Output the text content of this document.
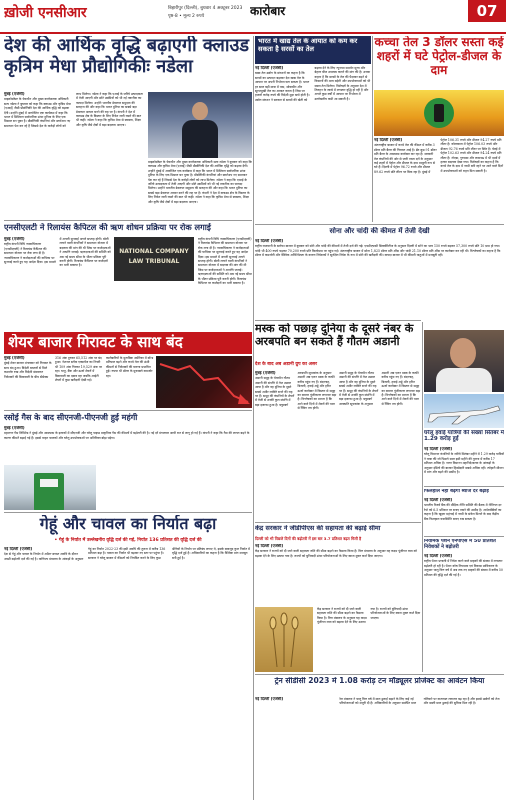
ख़ोजी एनसीआर	बिहारीपुर (दिल्ली), बुधवार 4 अक्टूबर 2023
पृष्ठ-8 • मूल्य 2 रुपये	कारोबार	07
देश की आर्थिक वृद्धि बढ़ाएगी क्लाउड कृत्रिम मेधा प्रौद्योगिकीः नडेला
मुंबई (एजेंसी)
माइक्रोसॉफ्ट के चेयरमैन और मुख्य कार्यपालक अधिकारी सत्य नडेला ने बुधवार को कहा कि क्लाउड और कृत्रिम मेधा (एआई) जैसी प्रौद्योगिकी देश की आर्थिक वृद्धि को बढ़ावा देंगी। उन्होंने मुंबई में आयोजित एक कार्यक्रम में कहा कि भारत में डिजिटल सार्वजनिक ढांचा दुनिया के लिए एक मिसाल बन चुका है। प्रौद्योगिकी कंपनियां और स्टार्टअप नए समाधान पेश कर रहे हैं जिससे देश के करोड़ों लोगों को लाभ मिलेगा। नडेला ने कहा कि एआई के जरिये उत्पादकता में तेजी आएगी और छोटे उद्यमियों को भी नई तकनीक का फायदा मिलेगा। उन्होंने भारतीय डेवलपर समुदाय की सराहना की और कहा कि भारत दुनिया का सबसे बड़ा डेवलपर आधार बनने की राह पर है। कंपनी ने देश में क्लाउड क्षेत्र के विस्तार के लिए निवेश जारी रखने की बात भी कही। नडेला ने कहा कि कृत्रिम मेधा से स्वास्थ्य, शिक्षा और कृषि जैसे क्षेत्रों में बड़ा बदलाव आएगा।
माइक्रोसॉफ्ट के चेयरमैन और मुख्य कार्यपालक अधिकारी सत्य नडेला ने बुधवार को कहा कि क्लाउड और कृत्रिम मेधा (एआई) जैसी प्रौद्योगिकी देश की आर्थिक वृद्धि को बढ़ावा देंगी। उन्होंने मुंबई में आयोजित एक कार्यक्रम में कहा कि भारत में डिजिटल सार्वजनिक ढांचा दुनिया के लिए एक मिसाल बन चुका है। प्रौद्योगिकी कंपनियां और स्टार्टअप नए समाधान पेश कर रहे हैं जिससे देश के करोड़ों लोगों को लाभ मिलेगा। नडेला ने कहा कि एआई के जरिये उत्पादकता में तेजी आएगी और छोटे उद्यमियों को भी नई तकनीक का फायदा मिलेगा। उन्होंने भारतीय डेवलपर समुदाय की सराहना की और कहा कि भारत दुनिया का सबसे बड़ा डेवलपर आधार बनने की राह पर है। कंपनी ने देश में क्लाउड क्षेत्र के विस्तार के लिए निवेश जारी रखने की बात भी कही। नडेला ने कहा कि कृत्रिम मेधा से स्वास्थ्य, शिक्षा और कृषि जैसे क्षेत्रों में बड़ा बदलाव आएगा।
एनसीएलटी ने रिलायंस कैपिटल की ऋण शोधन प्रक्रिया पर रोक लगाई
मुंबई (एजेंसी)
राष्ट्रीय कंपनी विधि न्यायाधिकरण (एनसीएलटी) ने रिलायंस कैपिटल की समाधान योजना पर रोक लगा दी है। न्यायाधिकरण ने कर्जदाताओं की याचिका पर सुनवाई करते हुए यह आदेश दिया। इस मामले में अगली सुनवाई अगले सप्ताह होगी। बोली लगाने वाली कंपनियों ने समाधान योजना में बदलाव की मांग की थी जिस पर कर्जदाताओं ने आपत्ति जताई। ऋणदाताओं की समिति को अब नई समय सीमा के भीतर प्रक्रिया पूरी करनी होगी। रिलायंस कैपिटल पर कर्जदारों का भारी बकाया है।
NATIONAL COMPANY LAW TRIBUNAL
राष्ट्रीय कंपनी विधि न्यायाधिकरण (एनसीएलटी) ने रिलायंस कैपिटल की समाधान योजना पर रोक लगा दी है। न्यायाधिकरण ने कर्जदाताओं की याचिका पर सुनवाई करते हुए यह आदेश दिया। इस मामले में अगली सुनवाई अगले सप्ताह होगी। बोली लगाने वाली कंपनियों ने समाधान योजना में बदलाव की मांग की थी जिस पर कर्जदाताओं ने आपत्ति जताई। ऋणदाताओं की समिति को अब नई समय सीमा के भीतर प्रक्रिया पूरी करनी होगी। रिलायंस कैपिटल पर कर्जदारों का भारी बकाया है।
शेयर बाजार गिरावट के साथ बंद
मुंबई (एजेंसी)
मुंबई शेयर बाजार मंगलवार को गिरावट के साथ बंद हुआ। विदेशी बाजारों से मिले कमजोर रुख और विदेशी संस्थागत निवेशकों की बिकवाली के बीच सेंसेक्स 316 अंक टूटकर 65,512 अंक पर बंद हुआ। नेशनल स्टॉक एक्सचेंज का निफ्टी भी 109 अंक गिरकर 19,529 अंक पर रहा। धातु, बैंक और ऊर्जा शेयरों में बिकवाली का दबाव रहा जबकि आईटी शेयरों में कुछ खरीदारी देखी गई। कारोबारियों के मुताबिक अमेरिका में बॉन्ड प्रतिफल बढ़ने और कच्चे तेल की ऊंची कीमतों से निवेशकों की धारणा प्रभावित हुई। रुपया भी डॉलर के मुकाबले कमजोर रहा।
रसोई गैस के बाद सीएनजी-पीएनजी हुई महंगी
मुंबई (एजेंसी)
महानगर गैस लिमिटेड ने मुंबई और आसपास के इलाकों में सीएनजी और घरेलू पाइप्ड प्राकृतिक गैस की कीमतों में बढ़ोतरी की है। नई दरें मंगलवार आधी रात से लागू हो गई हैं। कंपनी ने कहा कि गैस की लागत बढ़ने के कारण कीमतें बढ़ाई गई हैं। इससे वाहन चालकों और घरेलू उपभोक्ताओं पर अतिरिक्त बोझ पड़ेगा।
गेहूं और चावल का निर्यात बढ़ा
• गेहूं के निर्यात में उल्लेखनीय वृद्धि दर्ज की गई, निर्यात 136 प्रतिशत की वृद्धि दर्ज की
नई दिल्ली (एजेंसी)
देश से गेहूं और चावल के निर्यात में अप्रैल-अगस्त अवधि के दौरान अच्छी बढ़ोतरी दर्ज की गई है। वाणिज्य मंत्रालय के आंकड़ों के अनुसार गेहूं का निर्यात 2022-23 की इसी अवधि की तुलना में करीब 136 प्रतिशत बढ़ा है। चावल का निर्यात भी बढ़कर नए स्तर पर पहुंचा है। सरकार ने घरेलू बाजार में कीमतों को नियंत्रित करने के लिए कुछ श्रेणियों के निर्यात पर प्रतिबंध लगाए थे, इसके बावजूद कुल निर्यात में वृद्धि दर्ज हुई है। अधिकारियों का कहना है कि वैश्विक मांग मजबूत बनी हुई है।
भारत में खाद्य तेल के आयात को कम कर सकता है सरसों का तेल
नई दिल्ली (एजेंसी)
खाद्य तेल उद्योग के संगठनों का कहना है कि सरसों का उत्पादन बढ़ाकर देश खाद्य तेल के आयात पर अपनी निर्भरता घटा सकता है। भारत हर साल बड़ी मात्रा में पाम, सोयाबीन और सूरजमुखी तेल का आयात करता है जिस पर हजारों करोड़ रुपये की विदेशी मुद्रा खर्च होती है। उद्योग संगठन ने सरकार से सरसों की खेती को बढ़ावा देने के लिए न्यूनतम समर्थन मूल्य और बेहतर बीज उपलब्ध कराने की मांग की है। उनका कहना है कि सरसों के तेल की पैदावार बढ़ने से किसानों की आय बढ़ेगी और उपभोक्ताओं को भी सस्ता तेल मिलेगा। विशेषज्ञों के अनुसार देश में तिलहन के रकबे में लगातार वृद्धि हो रही है और अगले कुछ वर्षों में आयात पर निर्भरता में उल्लेखनीय कमी आ सकती है।
कच्चा तेल 3 डॉलर सस्ता कई शहरों में घटे पेट्रोल-डीजल के दाम
नई दिल्ली (एजेंसी)
अंतरराष्ट्रीय बाजार में कच्चे तेल की कीमत में करीब 3 डॉलर प्रति बैरल की गिरावट आई है। ब्रेंट क्रूड 91 डॉलर प्रति बैरल के आसपास कारोबार कर रहा है। सरकारी तेल कंपनियों की ओर से जारी ताजा दरों के अनुसार कई शहरों में पेट्रोल और डीजल के दाम मामूली रूप से घटे हैं। दिल्ली में पेट्रोल 96.72 रुपये और डीजल 89.62 रुपये प्रति लीटर पर बिक रहा है। मुंबई में पेट्रोल 106.31 रुपये और डीजल 94.27 रुपये प्रति लीटर है। कोलकाता में पेट्रोल 106.03 रुपये और डीजल 92.76 रुपये प्रति लीटर पर स्थिर है। चेन्नई में पेट्रोल 102.63 रुपये और डीजल 94.24 रुपये प्रति लीटर है। नोएडा, गुरुग्राम और लखनऊ में भी दामों में हल्का बदलाव देखा गया। विशेषज्ञों का कहना है कि कच्चे तेल के दाम में नरमी बनी रहने पर आने वाले दिनों में उपभोक्ताओं को राहत मिल सकती है।
सोना और चांदी की कीमत में तेजी देखी
नई दिल्ली (एजेंसी)
राष्ट्रीय राजधानी के सर्राफा बाजार में बुधवार को सोने और चांदी की कीमतों में तेजी दर्ज की गई। एचडीएफसी सिक्योरिटीज के अनुसार दिल्ली में सोने का भाव 150 रुपये बढ़कर 57,300 रुपये प्रति 10 ग्राम हो गया। चांदी भी 400 रुपये चढ़कर 70,200 रुपये प्रति किलोग्राम पर पहुंच गई। अंतरराष्ट्रीय बाजार में सोना 1,825 डॉलर प्रति औंस और चांदी 21.10 डॉलर प्रति औंस पर कारोबार कर रही थी। विश्लेषकों का कहना है कि डॉलर में कमजोरी और वैश्विक अनिश्चितता के कारण निवेशकों ने सुरक्षित निवेश के रूप में सोने की खरीदारी की। वायदा बाजार में भी कीमती धातुओं में मजबूती रही।
मस्क को पछाड़ दुनिया के दूसरे नंबर के अरबपति बन सकते हैं गौतम अडानी
देश के बाद अब अडानी ग्रुप का असर
मुंबई (एजेंसी)
अडानी समूह के चेयरमैन गौतम अडानी की संपत्ति में तेज उछाल आया है और वह दुनिया के दूसरे सबसे अमीर व्यक्ति बनने की राह पर हैं। समूह की कंपनियों के शेयरों में तेजी से उनकी कुल संपत्ति में बड़ा इजाफा हुआ है। ब्लूमबर्ग अरबपति सूचकांक के अनुसार अडानी अब एलन मस्क के काफी करीब पहुंच गए हैं। बंदरगाह, बिजली, हवाई अड्डे और हरित ऊर्जा कारोबार में विस्तार से समूह का बाजार पूंजीकरण लगातार बढ़ा है। विश्लेषकों का मानना है कि आने वाले दिनों में शेयरों की चाल से रैंकिंग तय होगी।
अडानी समूह के चेयरमैन गौतम अडानी की संपत्ति में तेज उछाल आया है और वह दुनिया के दूसरे सबसे अमीर व्यक्ति बनने की राह पर हैं। समूह की कंपनियों के शेयरों में तेजी से उनकी कुल संपत्ति में बड़ा इजाफा हुआ है। ब्लूमबर्ग अरबपति सूचकांक के अनुसार अडानी अब एलन मस्क के काफी करीब पहुंच गए हैं। बंदरगाह, बिजली, हवाई अड्डे और हरित ऊर्जा कारोबार में विस्तार से समूह का बाजार पूंजीकरण लगातार बढ़ा है। विश्लेषकों का मानना है कि आने वाले दिनों में शेयरों की चाल से रैंकिंग तय होगी।
घरेलू हवाई यात्रियों की संख्या सितंबर में 1.29 करोड़ हुई
नई दिल्ली (एजेंसी)
घरेलू विमानन कंपनियों के जरिये सितंबर महीने में 1.29 करोड़ यात्रियों ने यात्रा की जो पिछले साल इसी महीने की तुलना में करीब 17 प्रतिशत अधिक है। नागर विमानन महानिदेशालय के आंकड़ों के अनुसार इंडिगो की बाजार हिस्सेदारी सबसे अधिक रही। त्योहारी सीजन में मांग और बढ़ने की उम्मीद है।
फिलहाल नहीं बढ़ेगा ब्याज दर बढ़ाई
नई दिल्ली (एजेंसी)
भारतीय रिजर्व बैंक की मौद्रिक नीति समिति की बैठक में नीतिगत दर रेपो को 6.5 प्रतिशत पर बनाए रखने की उम्मीद है। अर्थशास्त्रियों का कहना है कि खुदरा महंगाई में नरमी के संकेत मिलने के बाद केंद्रीय बैंक फिलहाल यथास्थिति बनाए रख सकता है।
नियामक पेंशन एनपीएस में 50 प्रतिशत निवेशकों ने बढ़ोतरी
नई दिल्ली (एजेंसी)
राष्ट्रीय पेंशन प्रणाली में निवेश करने वाले ग्राहकों की संख्या में लगातार बढ़ोतरी हो रही है। पेंशन कोष नियामक एवं विकास प्राधिकरण के अनुसार चालू वित्त वर्ष में अब तक नए ग्राहकों की संख्या में करीब 50 प्रतिशत की वृद्धि दर्ज की गई है।
केंद्र सरकार ने जीडीपीएस की सहायता की बढ़ाई सीमा
दिल्ली को भी पिछले दिनों की बढ़ोतरी में इस बार 3.7 प्रतिशत बढ़त मिली है
नई दिल्ली (एजेंसी)
केंद्र सरकार ने राज्यों को दी जाने वाली सहायता राशि की सीमा बढ़ाने का फैसला किया है। वित्त मंत्रालय के अनुसार यह कदम पूंजीगत व्यय को बढ़ावा देने के लिए उठाया गया है। राज्यों को बुनियादी ढांचा परियोजनाओं के लिए ब्याज मुक्त कर्ज दिया जाएगा।
केंद्र सरकार ने राज्यों को दी जाने वाली सहायता राशि की सीमा बढ़ाने का फैसला किया है। वित्त मंत्रालय के अनुसार यह कदम पूंजीगत व्यय को बढ़ावा देने के लिए उठाया गया है। राज्यों को बुनियादी ढांचा परियोजनाओं के लिए ब्याज मुक्त कर्ज दिया जाएगा।
ट्रेन सीडीसी 2023 में 1.08 करोड़ टन मॉड्यूलर प्रोजेक्ट का आवंटन किया
नई दिल्ली (एजेंसी)	रेल मंत्रालय ने चालू वित्त वर्ष में माल ढुलाई बढ़ाने के लिए कई नई परियोजनाओं को मंजूरी दी है। अधिकारियों के अनुसार समर्पित माल गलियारे पर यातायात लगातार बढ़ रहा है और इससे उद्योगों को तेज और सस्ती माल ढुलाई की सुविधा मिल रही है।
